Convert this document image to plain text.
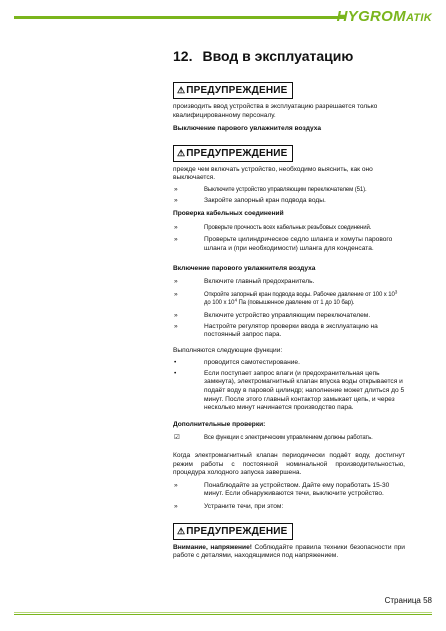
HYGROMATIK
12. Ввод в эксплуатацию
⚠ПРЕДУПРЕЖДЕНИЕ

производить ввод устройства в эксплуатацию разрешается только квалифицированному персоналу.

Выключение парового увлажнителя воздуха
⚠ПРЕДУПРЕЖДЕНИЕ

прежде чем включать устройство, необходимо выяснить, как оно выключается.

»	Выключите устройство управляющим переключателем (51).
»	Закройте запорный кран подвода воды.
Проверка кабельных соединений
»	Проверьте прочность всех кабельных резьбовых соединений.
»	Проверьте цилиндрическое седло шланга и хомуты парового шланга и (при необходимости) шланга для конденсата.
Включение парового увлажнителя воздуха
»	Включите главный предохранитель.
»	Откройте запорный кран подвода воды. Рабочее давление от 100 x $10^3$ до 100 x $10^4$ Па (повышенное давление от 1 до 10 бар).
»	Включите устройство управляющим переключателем.
»	Настройте регулятор проверки ввода в эксплуатацию на постоянный запрос пара.

Выполняются следующие функции:

•	проводится самотестирование.
•	Если поступает запрос влаги (и предохранительная цепь замкнута), электромагнитный клапан впуска воды открывается и подаёт воду в паровой цилиндр; наполнение может длиться до 5 минут. После этого главный контактор замыкает цепь, и через несколько минут начинается производство пара.
Дополнительные проверки:
☑	Все функции с электрическим управлением должны работать.

Когда электромагнитный клапан периодически подаёт воду, достигнут режим работы с постоянной номинальной производительностью, процедура холодного запуска завершена.

»	Понаблюдайте за устройством. Дайте ему поработать 15-30 минут. Если обнаруживаются течи, выключите устройство.
»	Устраните течи, при этом:
⚠ПРЕДУПРЕЖДЕНИЕ

Внимание, напряжение! Соблюдайте правила техники безопасности при работе с деталями, находящимися под напряжением.

Страница 58
